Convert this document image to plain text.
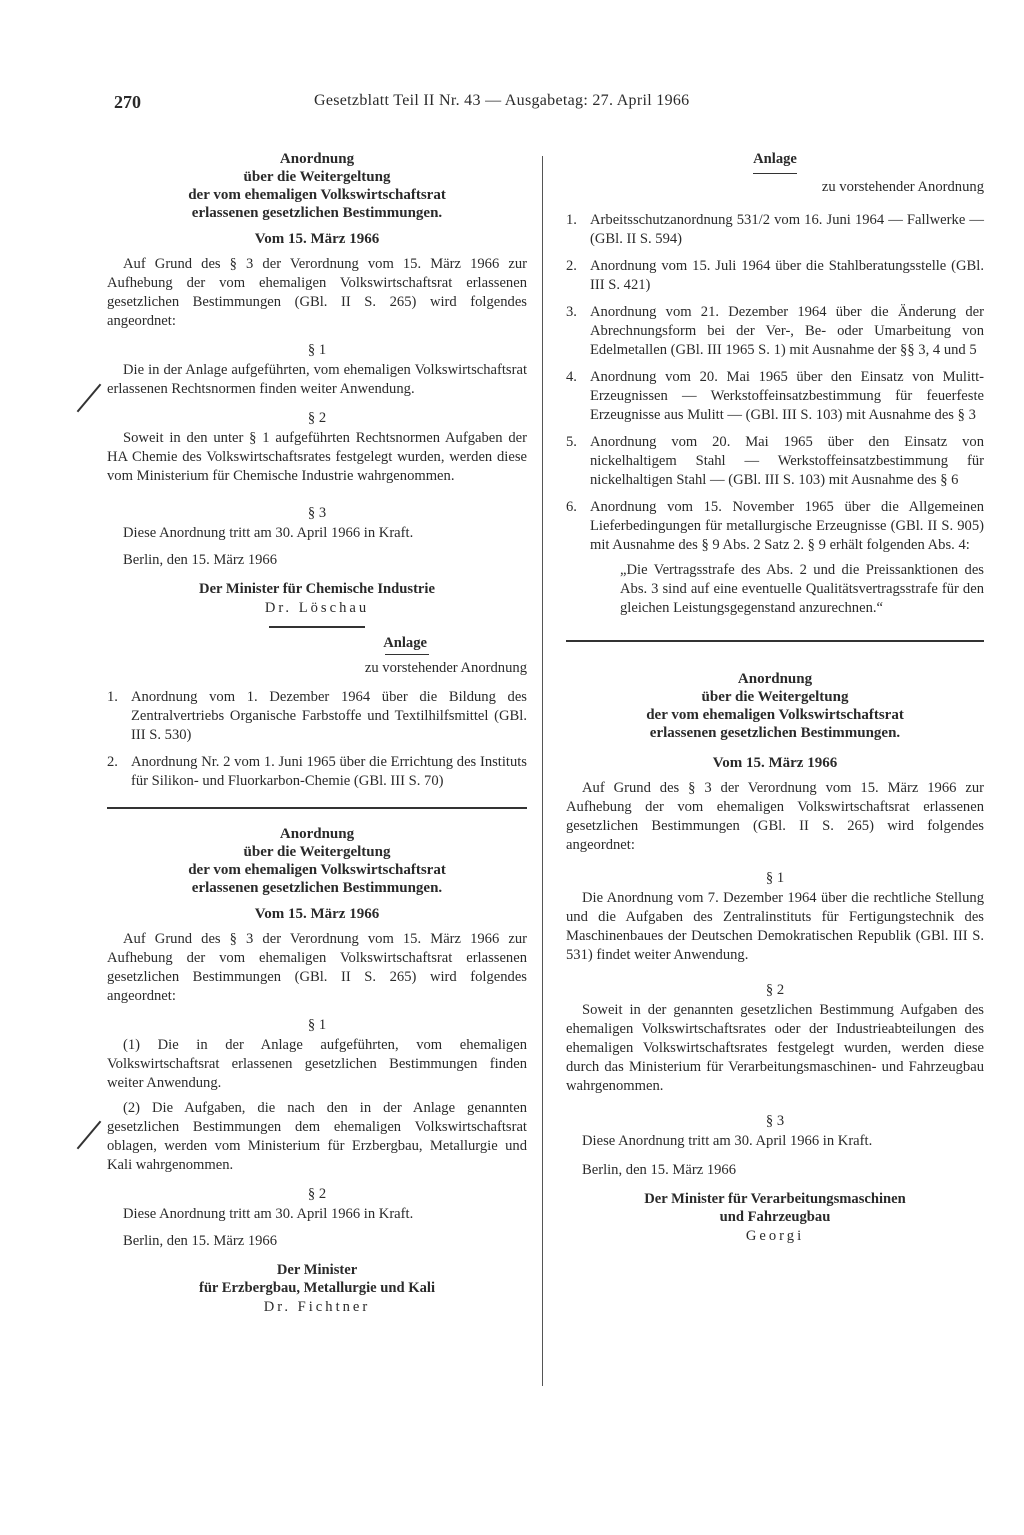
270	Gesetzblatt Teil II Nr. 43 — Ausgabetag: 27. April 1966
Anordnung
über die Weitergeltung
der vom ehemaligen Volkswirtschaftsrat
erlassenen gesetzlichen Bestimmungen.
Vom 15. März 1966

Auf Grund des § 3 der Verordnung vom 15. März 1966 zur Aufhebung der vom ehemaligen Volkswirtschaftsrat erlassenen gesetzlichen Bestimmungen (GBl. II S. 265) wird folgendes angeordnet:

§ 1

Die in der Anlage aufgeführten, vom ehemaligen Volkswirtschaftsrat erlassenen Rechtsnormen finden weiter Anwendung.

§ 2

Soweit in den unter § 1 aufgeführten Rechtsnormen Aufgaben der HA Chemie des Volkswirtschaftsrates festgelegt wurden, werden diese vom Ministerium für Chemische Industrie wahrgenommen.

§ 3

Diese Anordnung tritt am 30. April 1966 in Kraft.

Berlin, den 15. März 1966
Der Minister für Chemische Industrie
Dr. Löschau
Anlage
zu vorstehender Anordnung
1. Anordnung vom 1. Dezember 1964 über die Bildung des Zentralvertriebs Organische Farbstoffe und Textilhilfsmittel (GBl. III S. 530)
2. Anordnung Nr. 2 vom 1. Juni 1965 über die Errichtung des Instituts für Silikon- und Fluorkarbon-Chemie (GBl. III S. 70)
Anordnung
über die Weitergeltung
der vom ehemaligen Volkswirtschaftsrat
erlassenen gesetzlichen Bestimmungen.
Vom 15. März 1966

Auf Grund des § 3 der Verordnung vom 15. März 1966 zur Aufhebung der vom ehemaligen Volkswirtschaftsrat erlassenen gesetzlichen Bestimmungen (GBl. II S. 265) wird folgendes angeordnet:

§ 1

(1) Die in der Anlage aufgeführten, vom ehemaligen Volkswirtschaftsrat erlassenen gesetzlichen Bestimmungen finden weiter Anwendung.

(2) Die Aufgaben, die nach den in der Anlage genannten gesetzlichen Bestimmungen dem ehemaligen Volkswirtschaftsrat oblagen, werden vom Ministerium für Erzbergbau, Metallurgie und Kali wahrgenommen.

§ 2

Diese Anordnung tritt am 30. April 1966 in Kraft.

Berlin, den 15. März 1966
Der Minister
für Erzbergbau, Metallurgie und Kali
Dr. Fichtner
Anlage
zu vorstehender Anordnung
1. Arbeitsschutzanordnung 531/2 vom 16. Juni 1964 — Fallwerke — (GBl. II S. 594)
2. Anordnung vom 15. Juli 1964 über die Stahlberatungsstelle (GBl. III S. 421)
3. Anordnung vom 21. Dezember 1964 über die Änderung der Abrechnungsform bei der Ver-, Be- oder Umarbeitung von Edelmetallen (GBl. III 1965 S. 1) mit Ausnahme der §§ 3, 4 und 5
4. Anordnung vom 20. Mai 1965 über den Einsatz von Mulitt-Erzeugnissen — Werkstoffeinsatzbestimmung für feuerfeste Erzeugnisse aus Mulitt — (GBl. III S. 103) mit Ausnahme des § 3
5. Anordnung vom 20. Mai 1965 über den Einsatz von nickelhaltigem Stahl — Werkstoffeinsatzbestimmung für nickelhaltigen Stahl — (GBl. III S. 103) mit Ausnahme des § 6
6. Anordnung vom 15. November 1965 über die Allgemeinen Lieferbedingungen für metallurgische Erzeugnisse (GBl. II S. 905) mit Ausnahme des § 9 Abs. 2 Satz 2. § 9 erhält folgenden Abs. 4:
„Die Vertragsstrafe des Abs. 2 und die Preissanktionen des Abs. 3 sind auf eine eventuelle Qualitätsvertragsstrafe für den gleichen Leistungsgegenstand anzurechnen.“
Anordnung
über die Weitergeltung
der vom ehemaligen Volkswirtschaftsrat
erlassenen gesetzlichen Bestimmungen.
Vom 15. März 1966

Auf Grund des § 3 der Verordnung vom 15. März 1966 zur Aufhebung der vom ehemaligen Volkswirtschaftsrat erlassenen gesetzlichen Bestimmungen (GBl. II S. 265) wird folgendes angeordnet:

§ 1

Die Anordnung vom 7. Dezember 1964 über die rechtliche Stellung und die Aufgaben des Zentralinstituts für Fertigungstechnik des Maschinenbaues der Deutschen Demokratischen Republik (GBl. III S. 531) findet weiter Anwendung.

§ 2

Soweit in der genannten gesetzlichen Bestimmung Aufgaben des ehemaligen Volkswirtschaftsrates oder der Industrieabteilungen des ehemaligen Volkswirtschaftsrates festgelegt wurden, werden diese durch das Ministerium für Verarbeitungsmaschinen- und Fahrzeugbau wahrgenommen.

§ 3

Diese Anordnung tritt am 30. April 1966 in Kraft.

Berlin, den 15. März 1966
Der Minister für Verarbeitungsmaschinen
und Fahrzeugbau
Georgi
